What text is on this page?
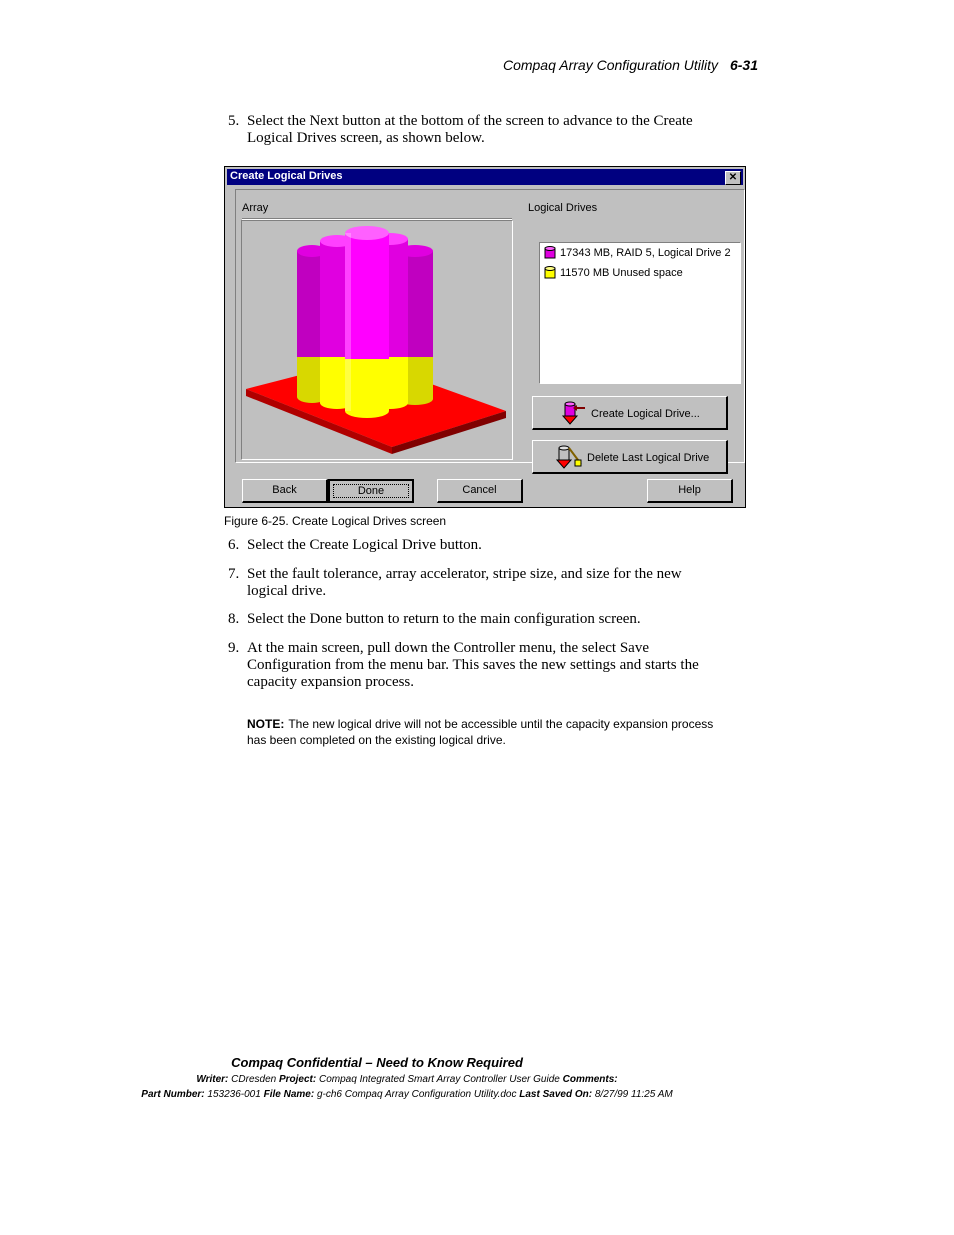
Compaq Array Configuration Utility 6-31
5. Select the Next button at the bottom of the screen to advance to the Create Logical Drives screen, as shown below.
Create Logical Drives	✕
Array	Logical Drives
17343 MB, RAID 5, Logical Drive 2
11570 MB Unused space
Create Logical Drive...
Delete Last Logical Drive
Back	Done	Cancel	Help
Figure 6-25. Create Logical Drives screen
6. Select the Create Logical Drive button.
7. Set the fault tolerance, array accelerator, stripe size, and size for the new logical drive.
8. Select the Done button to return to the main configuration screen.
9. At the main screen, pull down the Controller menu, the select Save Configuration from the menu bar. This saves the new settings and starts the capacity expansion process.
NOTE: The new logical drive will not be accessible until the capacity expansion process has been completed on the existing logical drive.
Compaq Confidential – Need to Know Required
Writer: CDresden Project: Compaq Integrated Smart Array Controller User Guide Comments:
Part Number: 153236-001 File Name: g-ch6 Compaq Array Configuration Utility.doc Last Saved On: 8/27/99 11:25 AM
